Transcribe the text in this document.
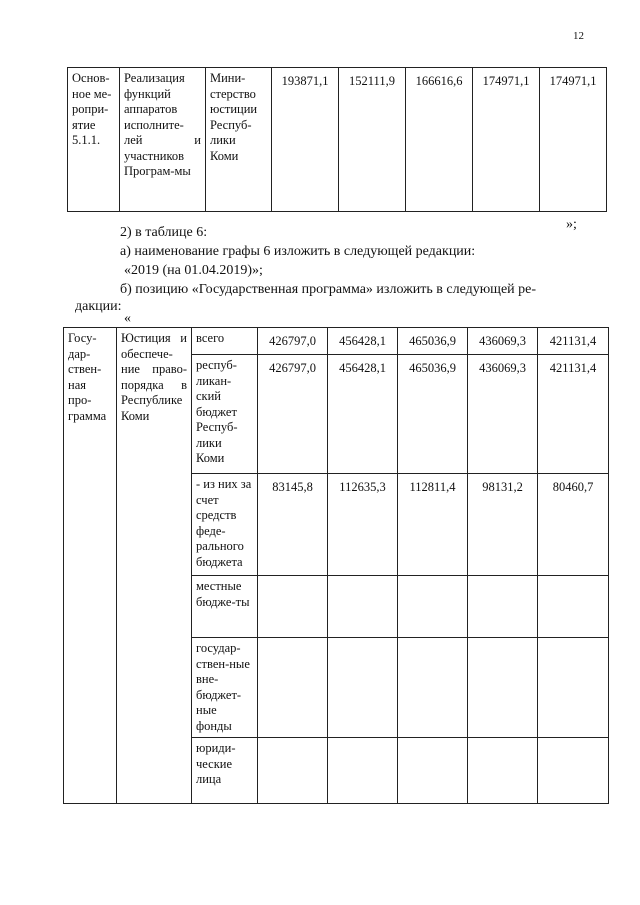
12
Основ-ное ме-ропри-ятие 5.1.1.	Реализация функций аппаратов исполните-лей и участников Програм-мы	Мини-стерство юстиции Респуб-лики Коми	193871,1	152111,9	166616,6	174971,1	174971,1
»;
2) в таблице 6:
а) наименование графы 6 изложить в следующей редакции:
«2019 (на 01.04.2019)»;
б) позицию «Государственная программа» изложить в следующей ре-
дакции:
«
Госу-дар-ствен-ная про-грамма	Юстиция и обеспече-ние право-порядка в Республике Коми	всего	426797,0	456428,1	465036,9	436069,3	421131,4
		респуб-ликан-ский бюджет Респуб-лики Коми	426797,0	456428,1	465036,9	436069,3	421131,4
		- из них за счет средств феде-рального бюджета	83145,8	112635,3	112811,4	98131,2	80460,7
		местные бюдже-ты					
		государ-ствен-ные вне-бюджет-ные фонды					
		юриди-ческие лица					
